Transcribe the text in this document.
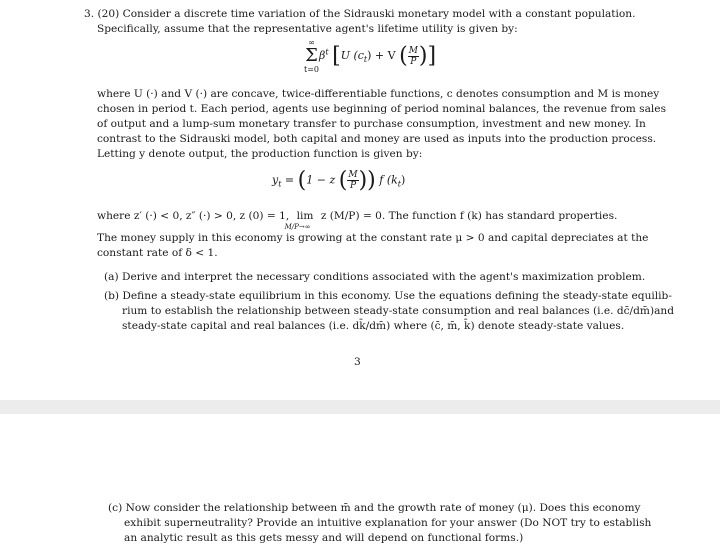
3. (20) Consider a discrete time variation of the Sidrauski monetary model with a constant population.
Specifically, assume that the representative agent's lifetime utility is given by:
∞
Σ
$t=0\beta^t$ [U $(c_t) + V$ ( $\frac{M}{P}$ )]
where U (·) and V (·) are concave, twice-differentiable functions, c denotes consumption and M is money
chosen in period t. Each period, agents use beginning of period nominal balances, the revenue from sales
of output and a lump-sum monetary transfer to purchase consumption, investment and new money. In
contrast to the Sidrauski model, both capital and money are used as inputs into the production process.
Letting y denote output, the production function is given by:
$y_t = (1 - z$ ( $\frac{M}{P}$ )) f $(k_t)$
where z′ (·) < 0, z″ (·) > 0, z (0) = 1, lim
M/P→∞
z (M/P) = 0. The function f (k) has standard properties.
The money supply in this economy is growing at the constant rate μ > 0 and capital depreciates at the
constant rate of δ < 1.
(a) Derive and interpret the necessary conditions associated with the agent's maximization problem.
(b) Define a steady-state equilibrium in this economy. Use the equations defining the steady-state equilib-
rium to establish the relationship between steady-state consumption and real balances (i.e. dc̄/dm̄)and
steady-state capital and real balances (i.e. dk̄/dm̄) where (c̄, m̄, k̄) denote steady-state values.
3
(c) Now consider the relationship between m̄ and the growth rate of money (μ). Does this economy
exhibit superneutrality? Provide an intuitive explanation for your answer (Do NOT try to establish
an analytic result as this gets messy and will depend on functional forms.)
